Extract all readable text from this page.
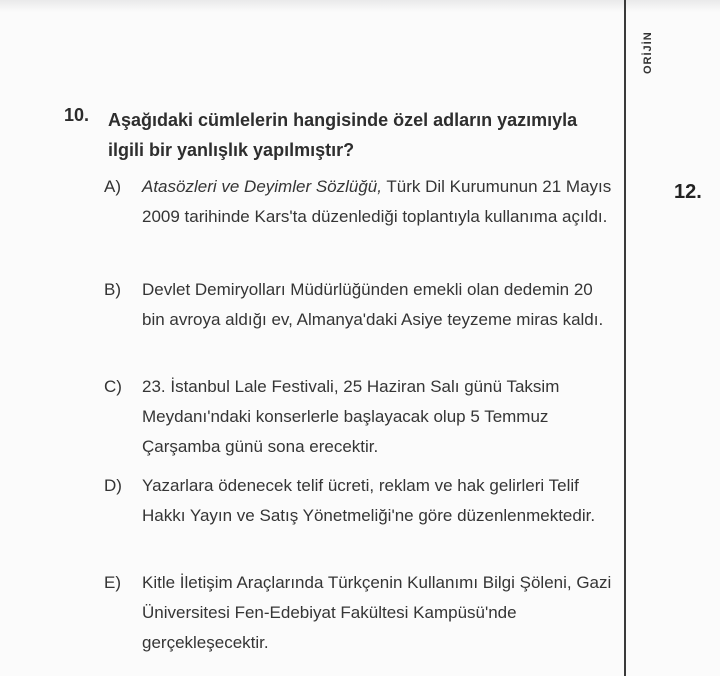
ORİJİN
12.
10. Aşağıdaki cümlelerin hangisinde özel adların yazımıyla ilgili bir yanlışlık yapılmıştır?
A) Atasözleri ve Deyimler Sözlüğü, Türk Dil Kurumunun 21 Mayıs 2009 tarihinde Kars'ta düzenlediği toplantıyla kullanıma açıldı.
B) Devlet Demiryolları Müdürlüğünden emekli olan dedemin 20 bin avroya aldığı ev, Almanya'daki Asiye teyzeme miras kaldı.
C) 23. İstanbul Lale Festivali, 25 Haziran Salı günü Taksim Meydanı'ndaki konserlerle başlayacak olup 5 Temmuz Çarşamba günü sona erecektir.
D) Yazarlara ödenecek telif ücreti, reklam ve hak gelirleri Telif Hakkı Yayın ve Satış Yönetmeliği'ne göre düzenlenmektedir.
E) Kitle İletişim Araçlarında Türkçenin Kullanımı Bilgi Şöleni, Gazi Üniversitesi Fen-Edebiyat Fakültesi Kampüsü'nde gerçekleşecektir.
